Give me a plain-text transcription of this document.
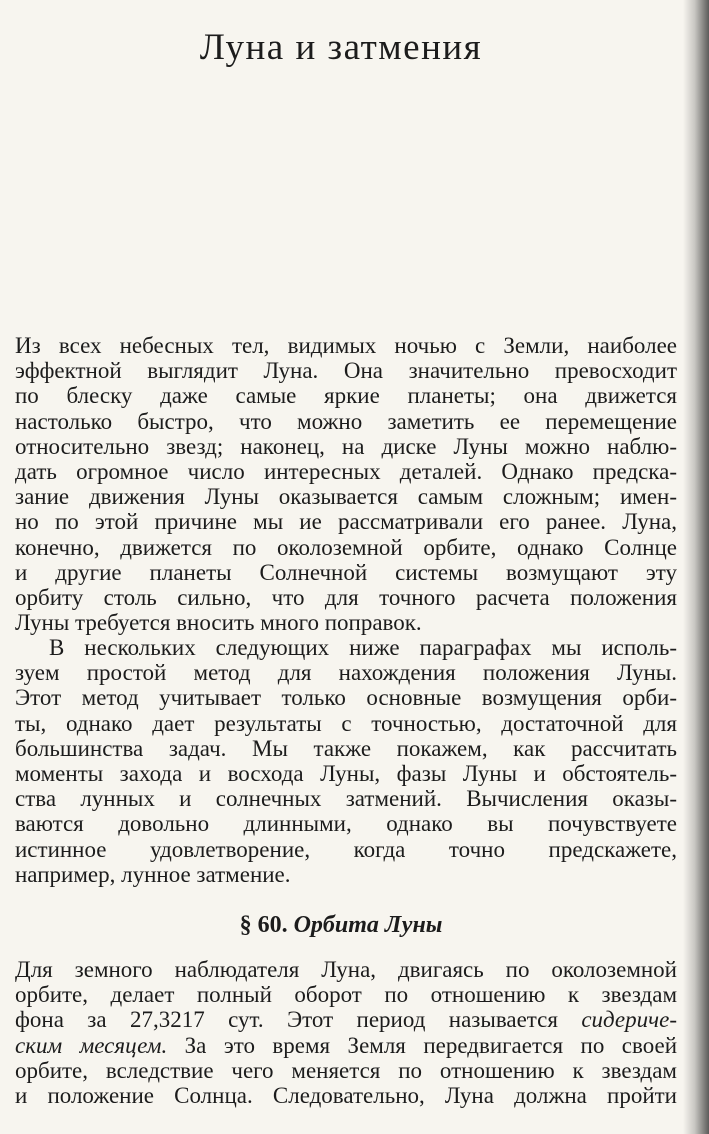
Луна и затмения
Из всех небесных тел, видимых ночью с Земли, наиболее
эффектной выглядит Луна. Она значительно превосходит
по блеску даже самые яркие планеты; она движется
настолько быстро, что можно заметить ее перемещение
относительно звезд; наконец, на диске Луны можно наблю-
дать огромное число интересных деталей. Однако предска-
зание движения Луны оказывается самым сложным; имен-
но по этой причине мы ие рассматривали его ранее. Луна,
конечно, движется по околоземной орбите, однако Солнце
и другие планеты Солнечной системы возмущают эту
орбиту столь сильно, что для точного расчета положения
Луны требуется вносить много поправок.
В нескольких следующих ниже параграфах мы исполь-
зуем простой метод для нахождения положения Луны.
Этот метод учитывает только основные возмущения орби-
ты, однако дает результаты с точностью, достаточной для
большинства задач. Мы также покажем, как рассчитать
моменты захода и восхода Луны, фазы Луны и обстоятель-
ства лунных и солнечных затмений. Вычисления оказы-
ваются довольно длинными, однако вы почувствуете
истинное удовлетворение, когда точно предскажете,
например, лунное затмение.
§ 60. Орбита Луны
Для земного наблюдателя Луна, двигаясь по околоземной
орбите, делает полный оборот по отношению к звездам
фона за 27,3217 сут. Этот период называется сидериче-
ским месяцем. За это время Земля передвигается по своей
орбите, вследствие чего меняется по отношению к звездам
и положение Солнца. Следовательно, Луна должна пройти
